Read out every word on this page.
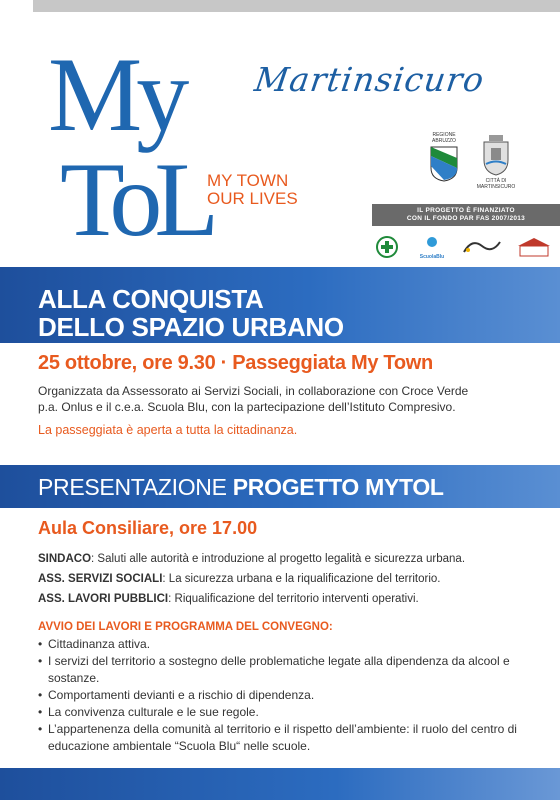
My
ToL
Martinsicuro
MY TOWN
OUR LIVES
REGIONE ABRUZZO
CITTÀ DI MARTINSICURO
IL PROGETTO È FINANZIATO
CON IL FONDO PAR FAS 2007/2013
ScuolaBlu
ALLA CONQUISTA
DELLO SPAZIO URBANO
25 ottobre, ore 9.30 · Passeggiata My Town
Organizzata da Assessorato ai Servizi Sociali, in collaborazione con Croce Verde
p.a. Onlus e il c.e.a. Scuola Blu, con la partecipazione dell’Istituto Compresivo.
La passeggiata è aperta a tutta la cittadinanza.
PRESENTAZIONE PROGETTO MYTOL
Aula Consiliare, ore 17.00
SINDACO: Saluti alle autorità e introduzione al progetto legalità e sicurezza urbana.
ASS. SERVIZI SOCIALI: La sicurezza urbana e la riqualificazione del territorio.
ASS. LAVORI PUBBLICI: Riqualificazione del territorio interventi operativi.
AVVIO DEI LAVORI E PROGRAMMA DEL CONVEGNO:
• Cittadinanza attiva.
• I servizi del territorio a sostegno delle problematiche legate alla dipendenza da alcool e sostanze.
• Comportamenti devianti e a rischio di dipendenza.
• La convivenza culturale e le sue regole.
• L’appartenenza della comunità al territorio e il rispetto dell’ambiente: il ruolo del centro di educazione ambientale “Scuola Blu“ nelle scuole.
